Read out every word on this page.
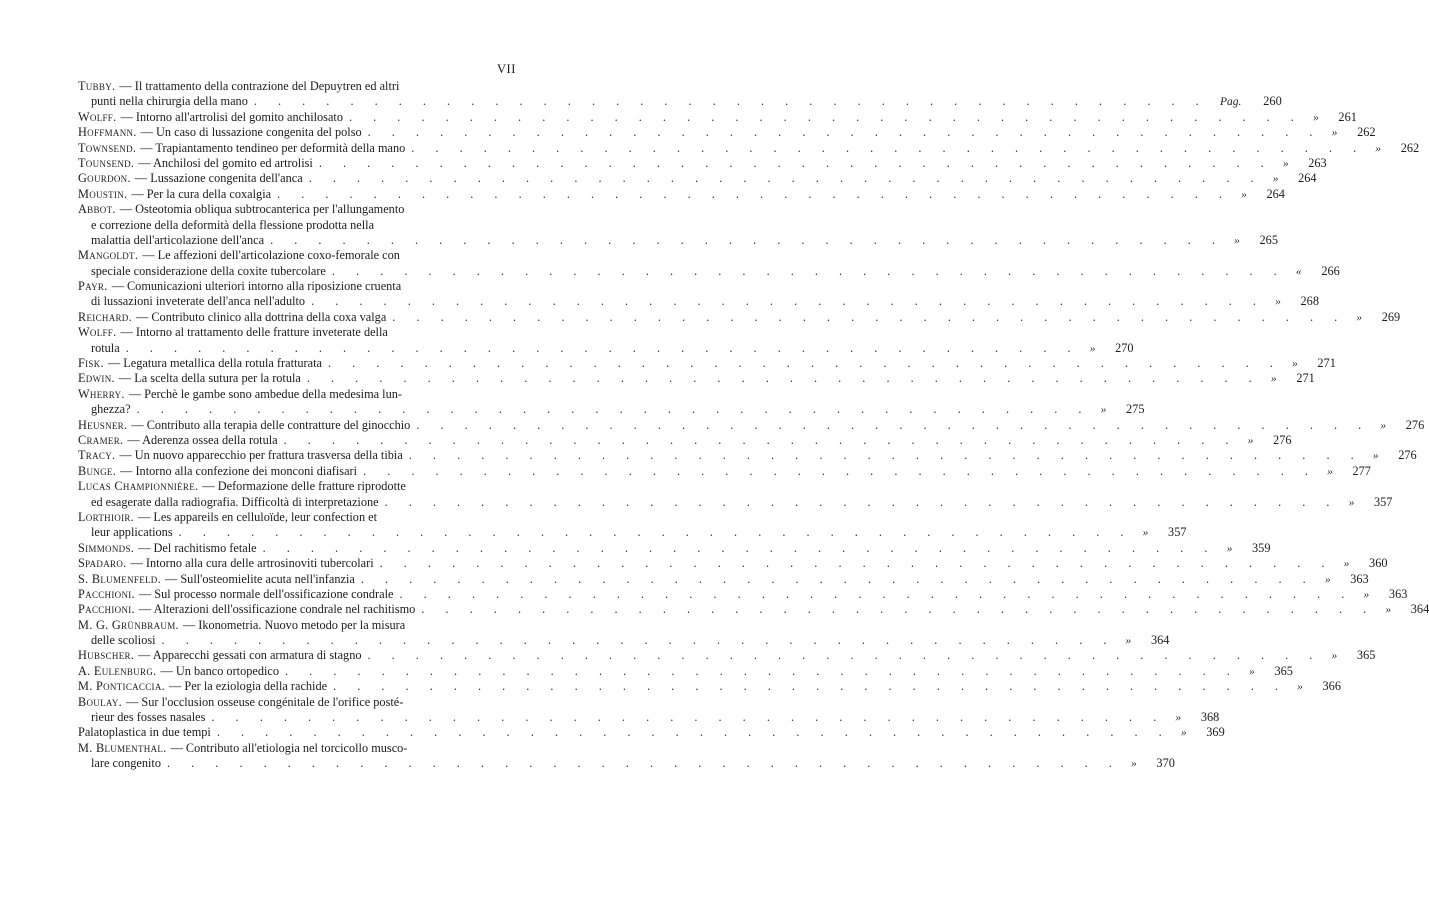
VII
Tubby. — Il trattamento della contrazione del Depuytren ed altri
punti nella chirurgia della mano . . .	Pag.	260
Wolff. — Intorno all'artrolisi del gomito anchilosato . . .	»	261
Hoffmann. — Un caso di lussazione congenita del polso . . .	»	262
Townsend. — Trapiantamento tendineo per deformità della mano . . .	»	262
Tounsend. — Anchilosi del gomito ed artrolisi . . .	»	263
Gourdon. — Lussazione congenita dell'anca . . .	»	264
Moustin. — Per la cura della coxalgia . . .	»	264
Abbot. — Osteotomia obliqua subtrocanterica per l'allungamento
e correzione della deformità della flessione prodotta nella
malattia dell'articolazione dell'anca . . .	»	265
Mangoldt. — Le affezioni dell'articolazione coxo-femorale con
speciale considerazione della coxite tubercolare . . .	«	266
Payr. — Comunicazioni ulteriori intorno alla riposizione cruenta
di lussazioni inveterate dell'anca nell'adulto . . .	»	268
Reichard. — Contributo clinico alla dottrina della coxa valga . . .	»	269
Wolff. — Intorno al trattamento delle fratture inveterate della
rotula . . .	»	270
Fisk. — Legatura metallica della rotula fratturata . . .	»	271
Edwin. — La scelta della sutura per la rotula . . .	»	271
Wherry. — Perchè le gambe sono ambedue della medesima lun-
ghezza? . . .	»	275
Heusner. — Contributo alla terapia delle contratture del ginocchio . . .	»	276
Cramer. — Aderenza ossea della rotula . . .	»	276
Tracy. — Un nuovo apparecchio per frattura trasversa della tibia . . .	»	276
Bunge. — Intorno alla confezione dei monconi diafisari . . .	»	277
Lucas Championnière. — Deformazione delle fratture riprodotte
ed esagerate dalla radiografia. Difficoltà di interpretazione . . .	»	357
Lorthioir. — Les appareils en celluloïde, leur confection et
leur applications . . .	»	357
Simmonds. — Del rachitismo fetale . . .	»	359
Spadaro. — Intorno alla cura delle artrosinoviti tubercolari . . .	»	360
S. Blumenfeld. — Sull'osteomielite acuta nell'infanzia . . .	»	363
Pacchioni. — Sul processo normale dell'ossificazione condrale . . .	»	363
Pacchioni. — Alterazioni dell'ossificazione condrale nel rachitismo . . .	»	364
M. G. Grünbraum. — Ikonometria. Nuovo metodo per la misura
delle scoliosi . . .	»	364
Hubscher. — Apparecchi gessati con armatura di stagno . . .	»	365
A. Eulenburg. — Un banco ortopedico . . .	»	365
M. Ponticaccia. — Per la eziologia della rachide . . .	»	366
Boulay. — Sur l'occlusion osseuse congénitale de l'orifice posté-
rieur des fosses nasales . . .	»	368
Palatoplastica in due tempi . . .	»	369
M. Blumenthal. — Contributo all'etiologia nel torcicollo musco-
lare congenito . . .	»	370
